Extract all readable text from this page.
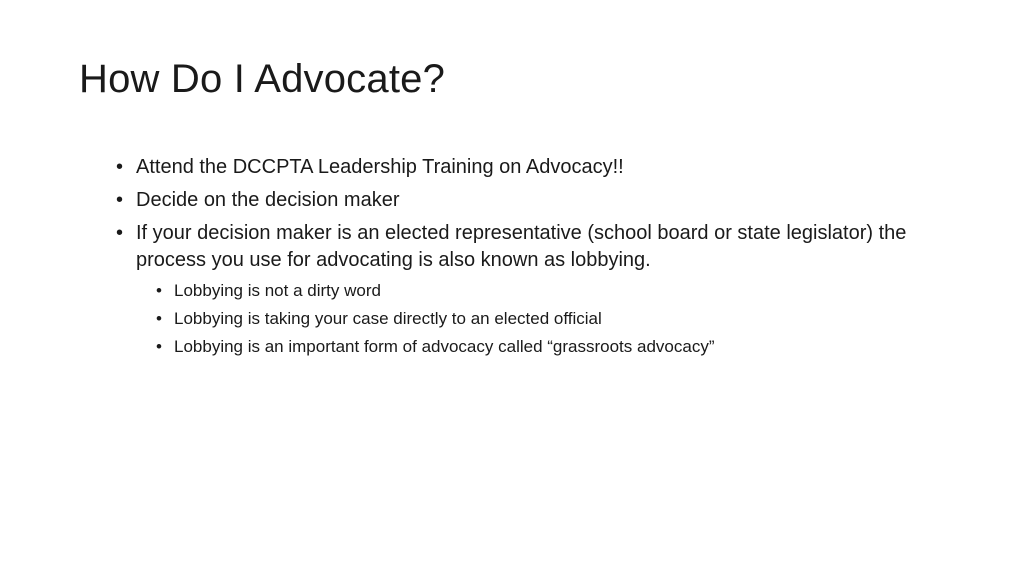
How Do I Advocate?
• Attend the DCCPTA Leadership Training on Advocacy!!
• Decide on the decision maker
• If your decision maker is an elected representative (school board or state legislator) the process you use for advocating is also known as lobbying.
• Lobbying is not a dirty word
• Lobbying is taking your case directly to an elected official
• Lobbying is an important form of advocacy called “grassroots advocacy”
